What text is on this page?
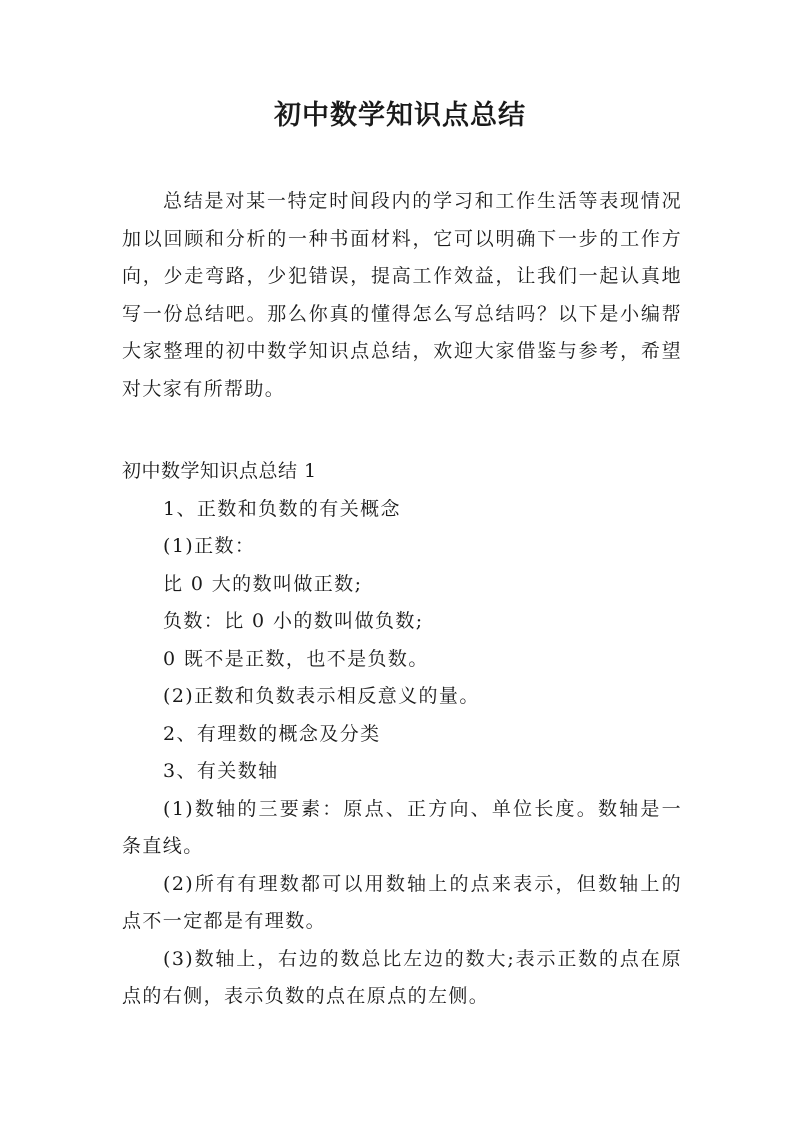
初中数学知识点总结

总结是对某一特定时间段内的学习和工作生活等表现情况加以回顾和分析的一种书面材料，它可以明确下一步的工作方向，少走弯路，少犯错误，提高工作效益，让我们一起认真地写一份总结吧。那么你真的懂得怎么写总结吗？以下是小编帮大家整理的初中数学知识点总结，欢迎大家借鉴与参考，希望对大家有所帮助。

初中数学知识点总结 1

1、正数和负数的有关概念

(1)正数：

比 0 大的数叫做正数;

负数：比 0 小的数叫做负数;

0 既不是正数，也不是负数。

(2)正数和负数表示相反意义的量。

2、有理数的概念及分类

3、有关数轴

(1)数轴的三要素：原点、正方向、单位长度。数轴是一条直线。

(2)所有有理数都可以用数轴上的点来表示，但数轴上的点不一定都是有理数。

(3)数轴上，右边的数总比左边的数大;表示正数的点在原点的右侧，表示负数的点在原点的左侧。
